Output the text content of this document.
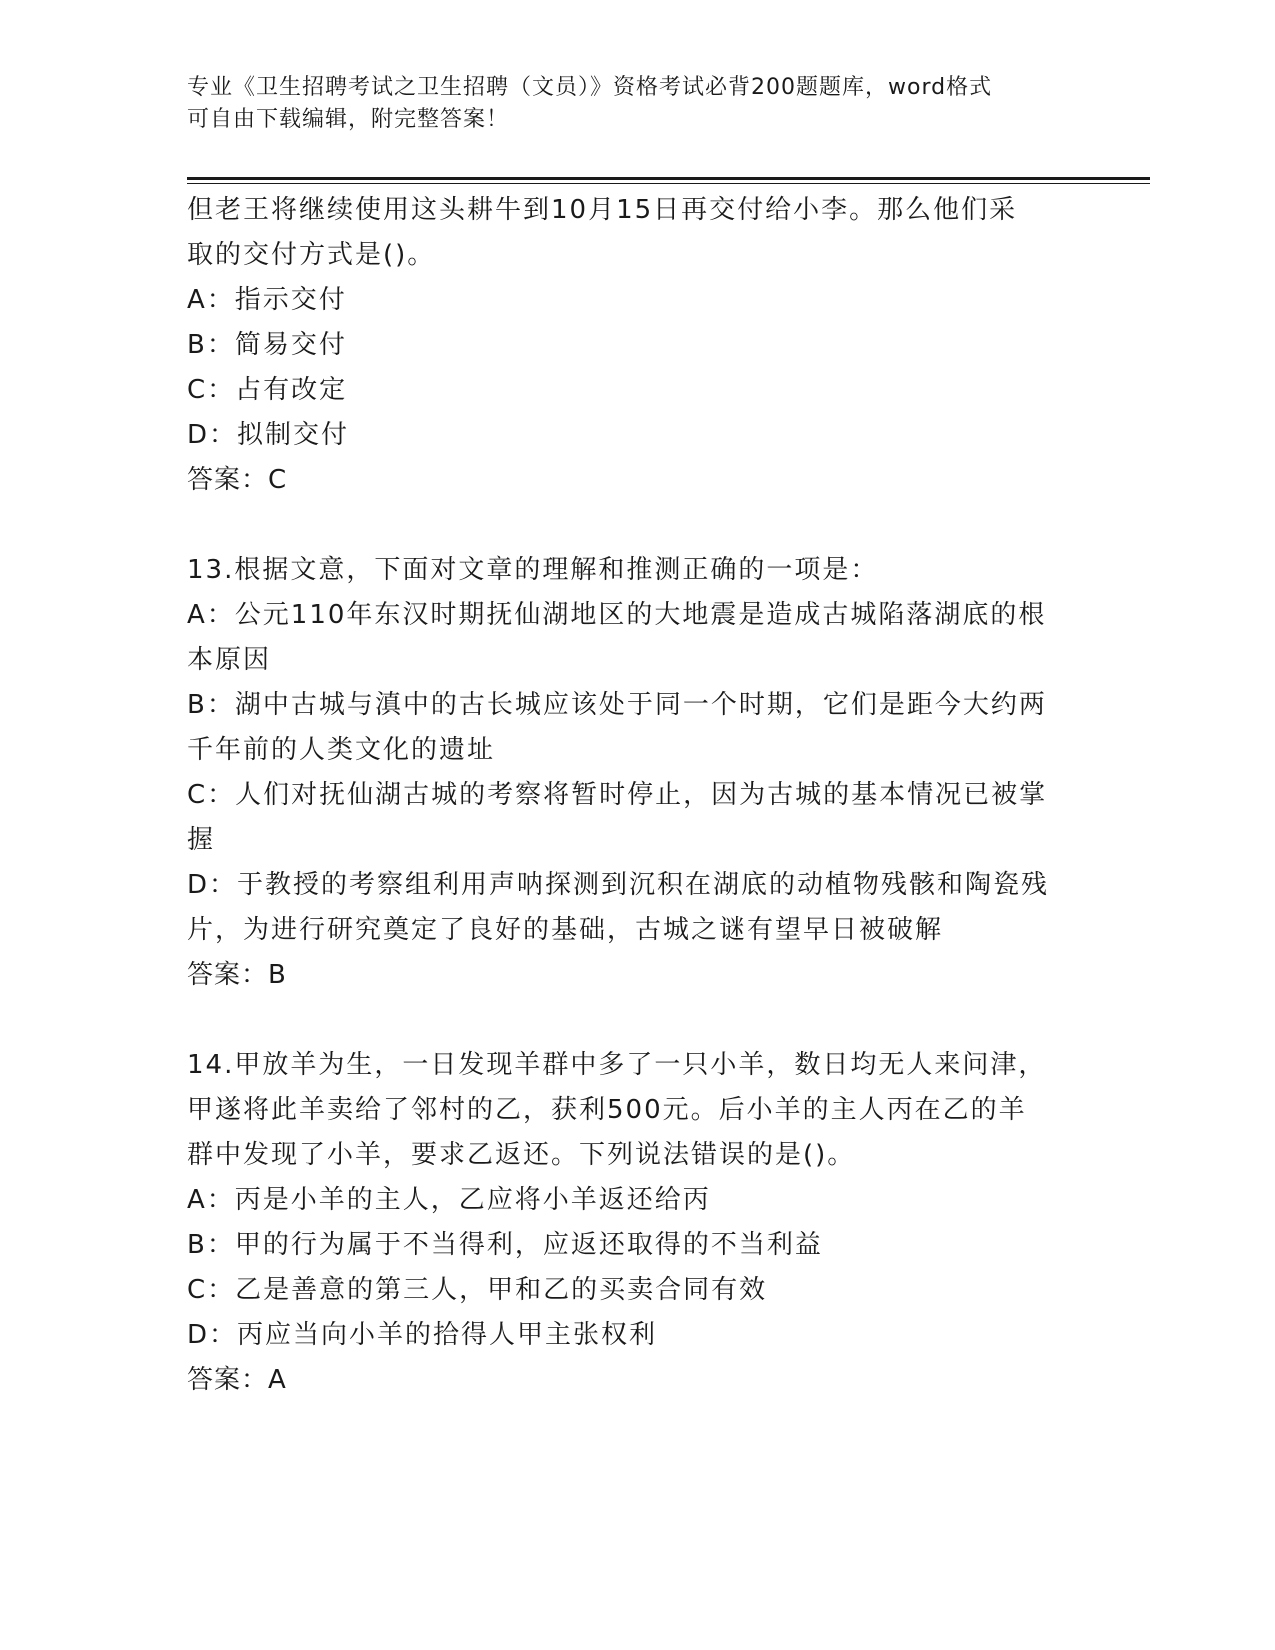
专业《卫生招聘考试之卫生招聘（文员）》资格考试必背200题题库，word格式
可自由下载编辑，附完整答案！
但老王将继续使用这头耕牛到10月15日再交付给小李。那么他们采
取的交付方式是()。
A：指示交付
B：简易交付
C：占有改定
D：拟制交付
答案：C
13.根据文意，下面对文章的理解和推测正确的一项是：
A：公元110年东汉时期抚仙湖地区的大地震是造成古城陷落湖底的根
本原因
B：湖中古城与滇中的古长城应该处于同一个时期，它们是距今大约两
千年前的人类文化的遗址
C：人们对抚仙湖古城的考察将暂时停止，因为古城的基本情况已被掌
握
D：于教授的考察组利用声呐探测到沉积在湖底的动植物残骸和陶瓷残
片，为进行研究奠定了良好的基础，古城之谜有望早日被破解
答案：B
14.甲放羊为生，一日发现羊群中多了一只小羊，数日均无人来问津，
甲遂将此羊卖给了邻村的乙，获利500元。后小羊的主人丙在乙的羊
群中发现了小羊，要求乙返还。下列说法错误的是()。
A：丙是小羊的主人，乙应将小羊返还给丙
B：甲的行为属于不当得利，应返还取得的不当利益
C：乙是善意的第三人，甲和乙的买卖合同有效
D：丙应当向小羊的拾得人甲主张权利
答案：A
